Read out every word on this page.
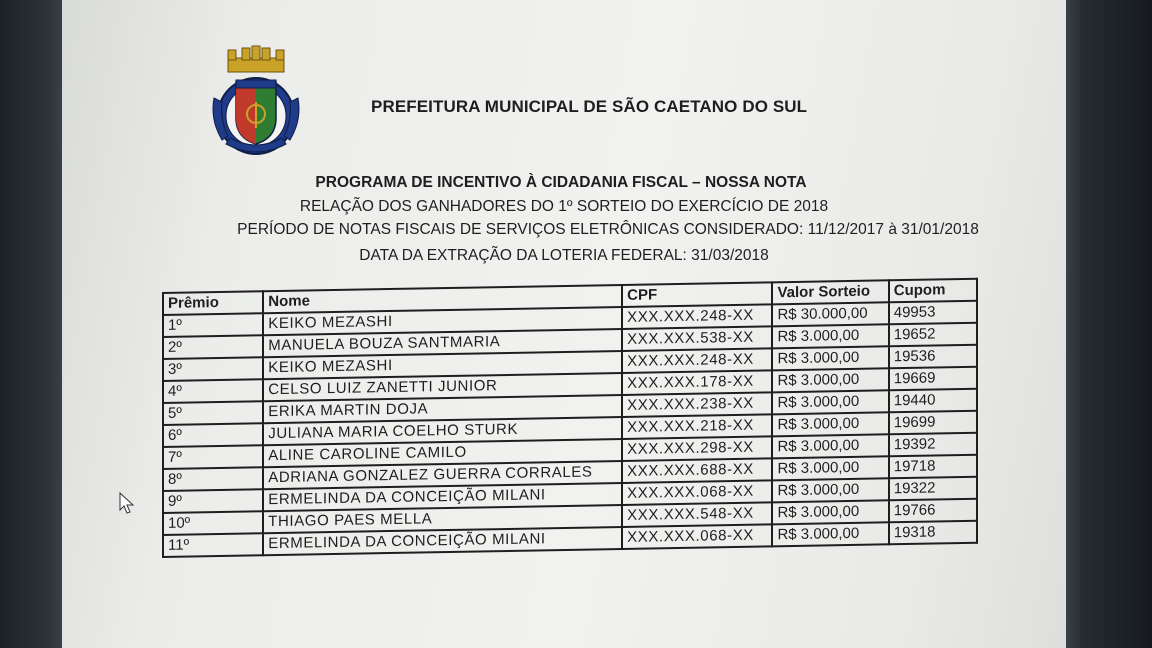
PREFEITURA MUNICIPAL DE SÃO CAETANO DO SUL
PROGRAMA DE INCENTIVO À CIDADANIA FISCAL – NOSSA NOTA
RELAÇÃO DOS GANHADORES DO 1º SORTEIO DO EXERCÍCIO DE 2018
PERÍODO DE NOTAS FISCAIS DE SERVIÇOS ELETRÔNICAS CONSIDERADO: 11/12/2017 à 31/01/2018
DATA DA EXTRAÇÃO DA LOTERIA FEDERAL: 31/03/2018
Prêmio	Nome	CPF	Valor Sorteio	Cupom
1º	KEIKO MEZASHI	XXX.XXX.248-XX	R$ 30.000,00	49953
2º	MANUELA BOUZA SANTMARIA	XXX.XXX.538-XX	R$ 3.000,00	19652
3º	KEIKO MEZASHI	XXX.XXX.248-XX	R$ 3.000,00	19536
4º	CELSO LUIZ ZANETTI JUNIOR	XXX.XXX.178-XX	R$ 3.000,00	19669
5º	ERIKA MARTIN DOJA	XXX.XXX.238-XX	R$ 3.000,00	19440
6º	JULIANA MARIA COELHO STURK	XXX.XXX.218-XX	R$ 3.000,00	19699
7º	ALINE CAROLINE CAMILO	XXX.XXX.298-XX	R$ 3.000,00	19392
8º	ADRIANA GONZALEZ GUERRA CORRALES	XXX.XXX.688-XX	R$ 3.000,00	19718
9º	ERMELINDA DA CONCEIÇÃO MILANI	XXX.XXX.068-XX	R$ 3.000,00	19322
10º	THIAGO PAES MELLA	XXX.XXX.548-XX	R$ 3.000,00	19766
11º	ERMELINDA DA CONCEIÇÃO MILANI	XXX.XXX.068-XX	R$ 3.000,00	19318
